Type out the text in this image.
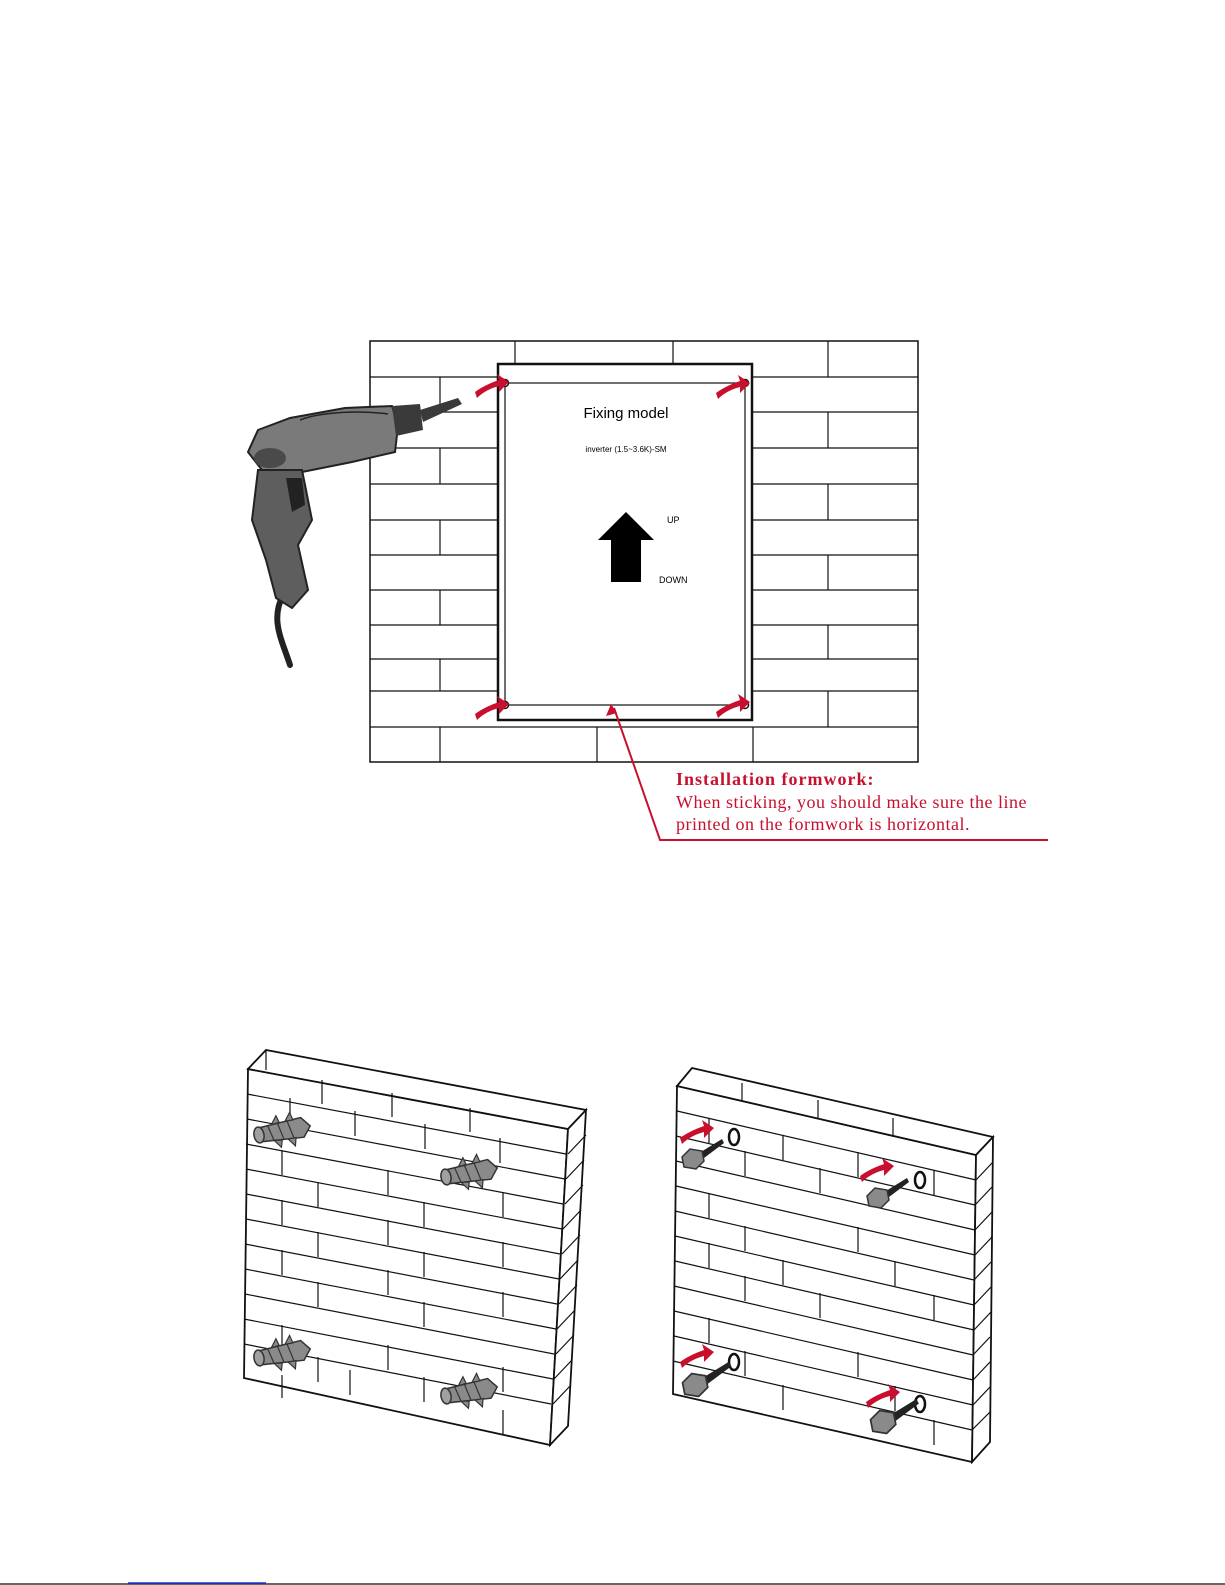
Fixing model
inverter (1.5~3.6K)-SM
UP
DOWN
Installation formwork:
When sticking, you should make sure the line
printed on the formwork is horizontal.
